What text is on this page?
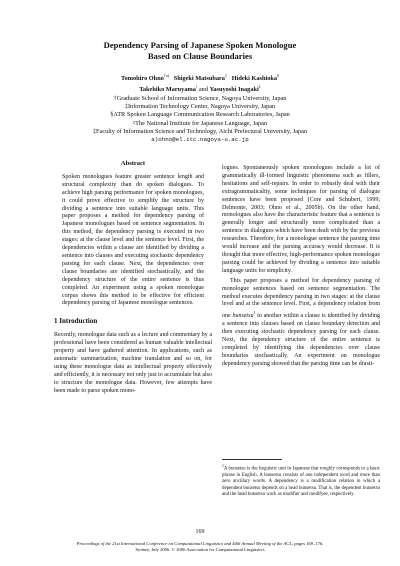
Dependency Parsing of Japanese Spoken Monologue
Based on Clause Boundaries
Tomohiro Ohno$^{\dagger a)}$ Shigeki Matsubara‡ Hideki Kashioka§
Takehiko Maruyama♮ and Yasuyoshi Inagaki‡
†Graduate School of Information Science, Nagoya University, Japan
‡Information Technology Center, Nagoya University, Japan
§ATR Spoken Language Communication Research Laboratories, Japan
♮The National Institute for Japanese Language, Japan
‡Faculty of Information Science and Technology, Aichi Prefectural University, Japan
a)ohno@el.itc.nagoya-u.ac.jp
Abstract

Spoken monologues feature greater sentence length and structural complexity than do spoken dialogues. To achieve high parsing performance for spoken monologues, it could prove effective to simplify the structure by dividing a sentence into suitable language units. This paper proposes a method for dependency parsing of Japanese monologues based on sentence segmentation. In this method, the dependency parsing is executed in two stages: at the clause level and the sentence level. First, the dependencies within a clause are identified by dividing a sentence into clauses and executing stochastic dependency parsing for each clause. Next, the dependencies over clause boundaries are identified stochastically, and the dependency structure of the entire sentence is thus completed. An experiment using a spoken monologue corpus shows this method to be effective for efficient dependency parsing of Japanese monologue sentences.

1 Introduction

Recently, monologue data such as a lecture and commentary by a professional have been considered as human valuable intellectual property and have gathered attention. In applications, such as automatic summarization, machine translation and so on, for using these monologue data as intellectual property effectively and efficiently, it is necessary not only just to accumulate but also to structure the monologue data. However, few attempts have been made to parse spoken mono-

logues. Spontaneously spoken monologues include a lot of grammatically ill-formed linguistic phenomena such as fillers, hesitations and self-repairs. In order to robustly deal with their extragrammaticality, some techniques for parsing of dialogue sentences have been proposed (Core and Schubert, 1999; Delmonte, 2003; Ohno et al., 2005b). On the other hand, monologues also have the characteristic feature that a sentence is generally longer and structurally more complicated than a sentence in dialogues which have been dealt with by the previous researches. Therefore, for a monologue sentence the parsing time would increase and the parsing accuracy would decrease. It is thought that more effective, high-performance spoken monologue parsing could be achieved by dividing a sentence into suitable language units for simplicity.

This paper proposes a method for dependency parsing of monologue sentences based on sentence segmentation. The method executes dependency parsing in two stages: at the clause level and at the sentence level. First, a dependency relation from one bunsetsu$^1$ to another within a clause is identified by dividing a sentence into clauses based on clause boundary detection and then executing stochastic dependency parsing for each clause. Next, the dependency structure of the entire sentence is completed by identifying the dependencies over clause boundaries stochastically. An experiment on monologue dependency parsing showed that the parsing time can be drasti-

$^1$A bunsetsu is the linguistic unit in Japanese that roughly corresponds to a basic phrase in English. A bunsetsu consists of one independent word and more than zero ancillary words. A dependency is a modification relation in which a dependent bunsetsu depends on a head bunsetsu. That is, the dependent bunsetsu and the head bunsetsu work as modifier and modifyee, respectively.
169
Proceedings of the 21st International Conference on Computational Linguistics and 44th Annual Meeting of the ACL, pages 169–176,
Sydney, July 2006. © 2006 Association for Computational Linguistics
